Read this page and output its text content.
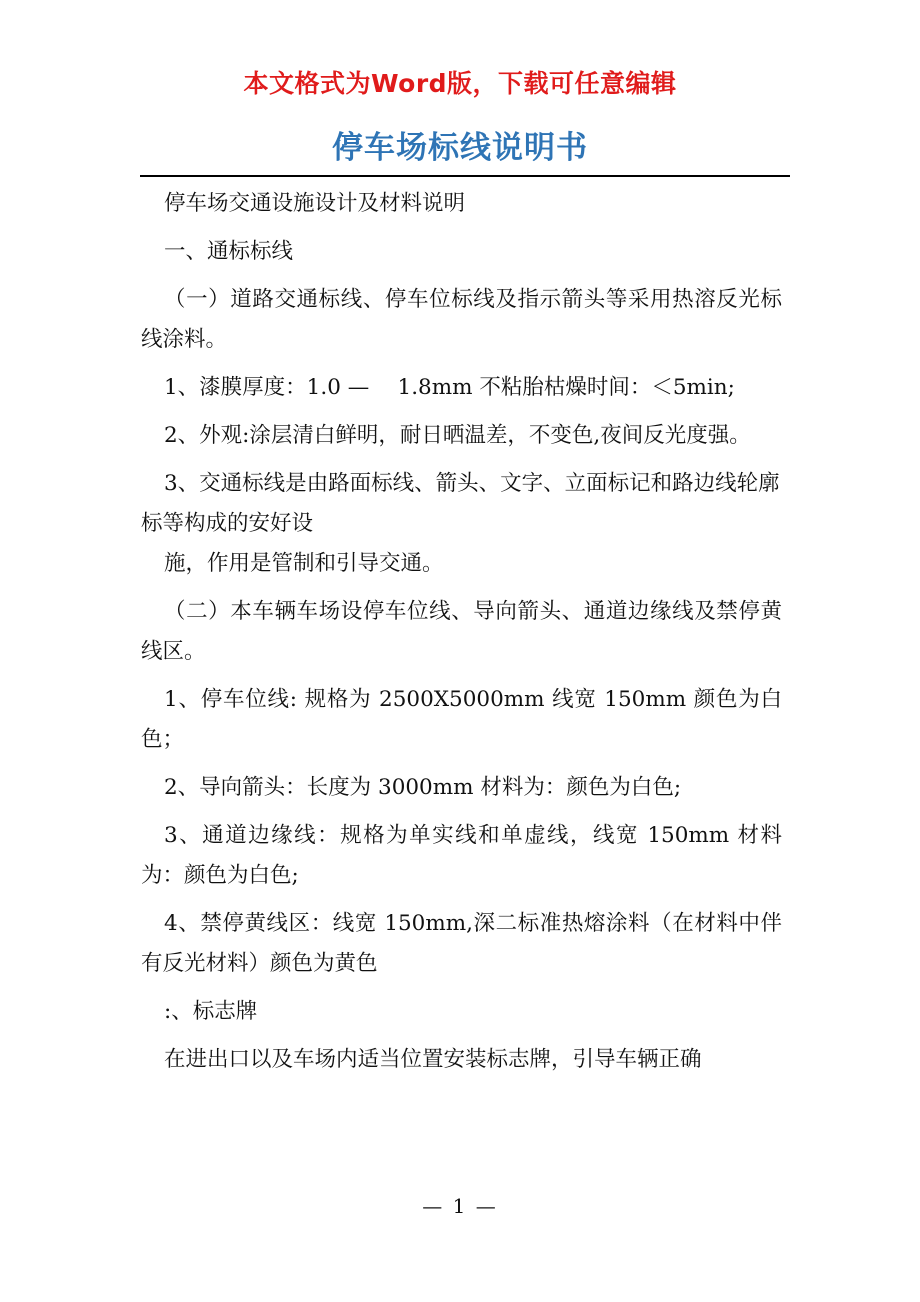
本文格式为Word版，下载可任意编辑
停车场标线说明书

停车场交通设施设计及材料说明

一、通标标线

（一）道路交通标线、停车位标线及指示箭头等采用热溶反光标线涂料。

1、漆膜厚度：1.0 —　 1.8mm 不粘胎枯燥时间：＜5min;

2、外观:涂层清白鲜明，耐日晒温差，不变色,夜间反光度强。

3、交通标线是由路面标线、箭头、文字、立面标记和路边线轮廓标等构成的安好设

施，作用是管制和引导交通。

（二）本车辆车场设停车位线、导向箭头、通道边缘线及禁停黄线区。

1、停车位线: 规格为 2500X5000mm 线宽 150mm 颜色为白色；

2、导向箭头：长度为 3000mm 材料为：颜色为白色;

3、通道边缘线：规格为单实线和单虚线，线宽 150mm 材料为：颜色为白色;

4、禁停黄线区：线宽 150mm,深二标准热熔涂料（在材料中伴有反光材料）颜色为黄色

:、标志牌

在进出口以及车场内适当位置安装标志牌，引导车辆正确

— 1 —
